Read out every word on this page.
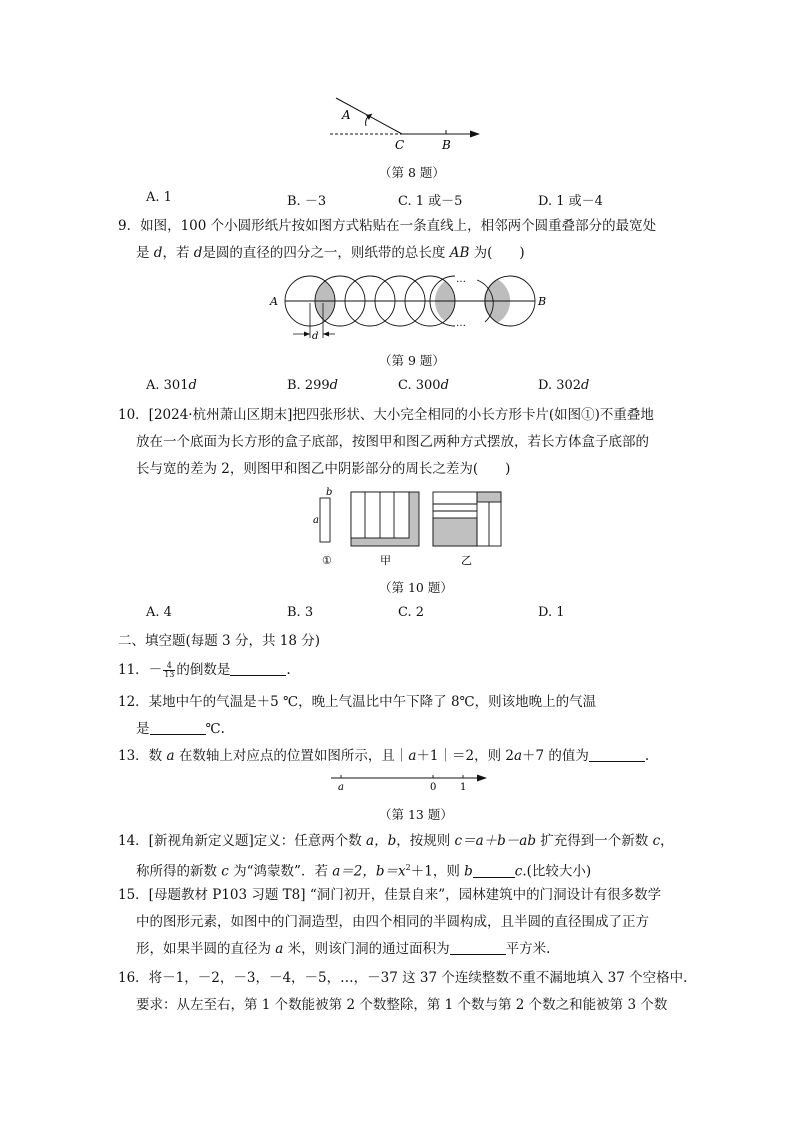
A
C	B
（第 8 题）
A. 1	B. －3	C. 1 或－5	D. 1 或－4
9．如图，100 个小圆形纸片按如图方式粘贴在一条直线上，相邻两个圆重叠部分的最宽处
是 d，若 d是圆的直径的四分之一，则纸带的总长度 AB 为(　　)
…
…
d
A	B
（第 9 题）
A. 301d	B. 299d	C. 300d	D. 302d
10．[2024·杭州萧山区期末]把四张形状、大小完全相同的小长方形卡片(如图①)不重叠地
放在一个底面为长方形的盒子底部，按图甲和图乙两种方式摆放，若长方体盒子底部的
长与宽的差为 2，则图甲和图乙中阴影部分的周长之差为(　　)
b
a
①	甲	乙
（第 10 题）
A. 4	B. 3	C. 2	D. 1
二、填空题(每题 3 分，共 18 分)
11．－ $\frac{4}{13}$ 的倒数是	.
12．某地中午的气温是＋5 ℃，晚上气温比中午下降了 8℃，则该地晚上的气温
是	℃.
13．数 a 在数轴上对应点的位置如图所示，且｜a＋1｜＝2，则 2a＋7 的值为	.
a	0 1
（第 13 题）
14．[新视角新定义题]定义：任意两个数 a，b，按规则 c＝a＋b－ab 扩充得到一个新数 c，
称所得的新数 c 为“鸿蒙数”．若 a＝2，$b=x^2+1$，则 b	c.(比较大小)
15．[母题教材 P103 习题 T8] “洞门初开，佳景自来”，园林建筑中的门洞设计有很多数学
中的图形元素，如图中的门洞造型，由四个相同的半圆构成，且半圆的直径围成了正方
形，如果半圆的直径为 a 米，则该门洞的通过面积为	平方米.
16．将－1，－2，－3，－4，－5，…，－37 这 37 个连续整数不重不漏地填入 37 个空格中.
要求：从左至右，第 1 个数能被第 2 个数整除，第 1 个数与第 2 个数之和能被第 3 个数
